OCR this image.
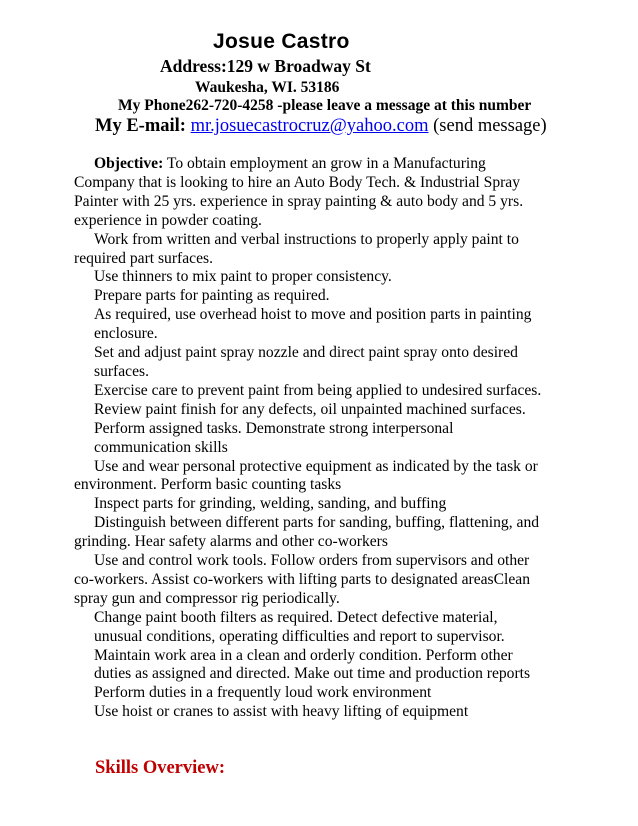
Josue Castro
Address:129 w Broadway St
Waukesha, WI. 53186
My Phone262-720-4258 -please leave a message at this number
My E-mail: mr.josuecastrocruz@yahoo.com (send message)
Objective: To obtain employment an grow in a Manufacturing
Company that is looking to hire an Auto Body Tech. & Industrial Spray
Painter with 25 yrs. experience in spray painting & auto body and 5 yrs.
experience in powder coating.
Work from written and verbal instructions to properly apply paint to
required part surfaces.
Use thinners to mix paint to proper consistency.
Prepare parts for painting as required.
As required, use overhead hoist to move and position parts in painting
enclosure.
Set and adjust paint spray nozzle and direct paint spray onto desired
surfaces.
Exercise care to prevent paint from being applied to undesired surfaces.
Review paint finish for any defects, oil unpainted machined surfaces.
Perform assigned tasks. Demonstrate strong interpersonal
communication skills
Use and wear personal protective equipment as indicated by the task or
environment. Perform basic counting tasks
Inspect parts for grinding, welding, sanding, and buffing
Distinguish between different parts for sanding, buffing, flattening, and
grinding. Hear safety alarms and other co-workers
Use and control work tools. Follow orders from supervisors and other
co-workers. Assist co-workers with lifting parts to designated areasClean
spray gun and compressor rig periodically.
Change paint booth filters as required. Detect defective material,
unusual conditions, operating difficulties and report to supervisor.
Maintain work area in a clean and orderly condition. Perform other
duties as assigned and directed. Make out time and production reports
Perform duties in a frequently loud work environment
Use hoist or cranes to assist with heavy lifting of equipment
Skills Overview:
